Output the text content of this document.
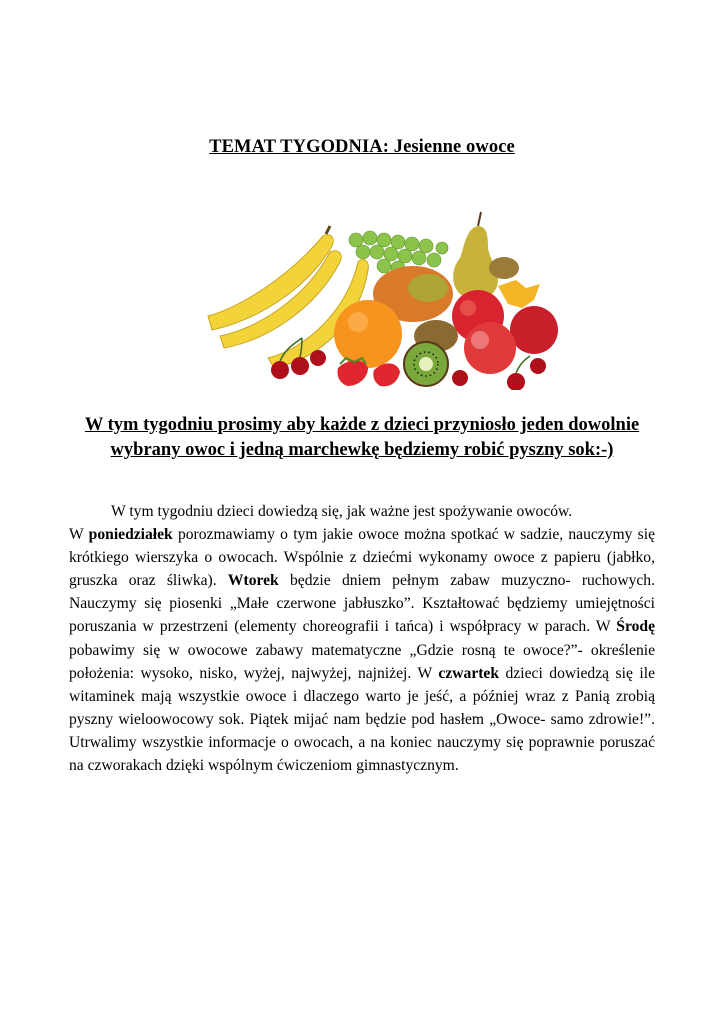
TEMAT TYGODNIA: Jesienne owoce
W tym tygodniu prosimy aby każde z dzieci przyniosło jeden dowolnie
wybrany owoc i jedną marchewkę będziemy robić pyszny sok:-)

W tym tygodniu dzieci dowiedzą się, jak ważne jest spożywanie owoców.
W poniedziałek porozmawiamy o tym jakie owoce można spotkać w sadzie, nauczymy się krótkiego wierszyka o owocach. Wspólnie z dziećmi wykonamy owoce z papieru (jabłko, gruszka oraz śliwka). Wtorek będzie dniem pełnym zabaw muzyczno- ruchowych. Nauczymy się piosenki „Małe czerwone jabłuszko”. Kształtować będziemy umiejętności poruszania w przestrzeni (elementy choreografii i tańca) i współpracy w parach. W Środę pobawimy się w owocowe zabawy matematyczne „Gdzie rosną te owoce?”- określenie położenia: wysoko, nisko, wyżej, najwyżej, najniżej. W czwartek dzieci dowiedzą się ile witaminek mają wszystkie owoce i dlaczego warto je jeść, a później wraz z Panią zrobią pyszny wieloowocowy sok. Piątek mijać nam będzie pod hasłem „Owoce- samo zdrowie!”. Utrwalimy wszystkie informacje o owocach, a na koniec nauczymy się poprawnie poruszać na czworakach dzięki wspólnym ćwiczeniom gimnastycznym.
